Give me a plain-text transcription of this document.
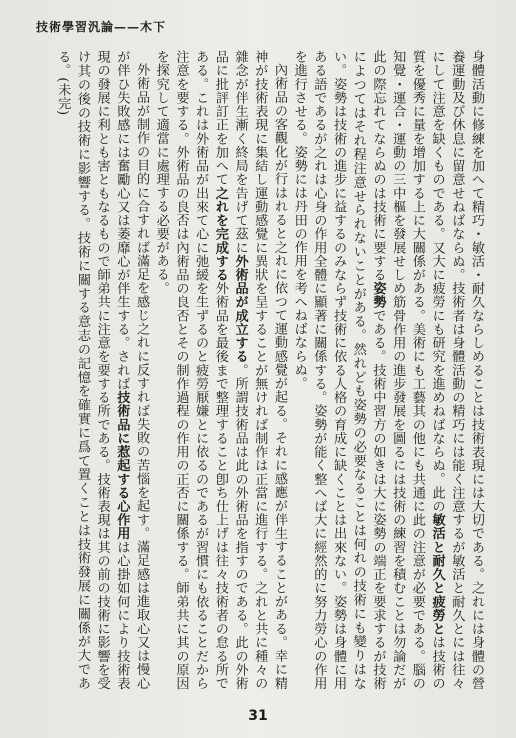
技術學習汎論——木下

身體活動に修練を加へて精巧・敏活・耐久ならしめることは技術表現には大切である。之れには身體の營養運動及び休息に留意せねばならぬ。技術者は身體活動の精巧には能く注意するが敏活と耐久とには往々にして注意を缺くものである。又大に疲勞にも研究を進めねばならぬ。此の敏活と耐久と疲勞とは技術の質を優秀に量を增加する上に大關係がある。美術にも工藝其の他にも共通に此の注意が必要である。腦の知覺・運合・運動の三中樞を發展せしめ筋骨作用の進步發展を圖るには技術の練習を積むことは勿論だが此の際忘れてならぬのは技術に要する姿勢である。技術中習方の如きは大に姿勢の端正を要求するが技術によつてはそれ程注意せられないことがある。然れども姿勢の必要なることは何れの技術にも變りはない。姿勢は技術の進步に益するのみならず技術に依る人格の育成に缺くことは出來ない。姿勢は身體に用ある語であるが之れは心身の作用全體に顯著に關係する。姿勢が能く整へば大に經然的に努力勞心の作用を進行させる。姿勢には丹田の作用を考へねばならぬ。

內術品の客觀化が行はれると之れに依つて運動感覺が起る。それに感應が伴生することがある。幸に精神が技術表現に集結し運動感覺に異狀を呈することが無ければ制作は正當に進行する。之れと共に種々の雜念が伴生漸く終局を告げて茲に外術品が成立する。所謂技術品は此の外術品を指すのである。此の外術品に批評訂正を加へて之れを完成する外術品を最後まで整理すること卽ち仕上げは往々技術者の怠る所である。これは外術品が出來て心に弛緩を生ずるのと疲勞厭嫌とに依るのであるが習慣にも依ることだから注意を要する。外術品の良否は內術品の良否とその制作過程の作用の正否に關係する。師弟共に其の原因を探究して適當に處理する必要がある。

外術品が制作の目的に合すれば滿足を感じ之れに反すれば失敗の苦惱を起す。滿足感は進取心又は慢心が伴ひ失敗感には奮勵心又は萎靡心が伴生する。されば技術品に惹起する心作用は心掛如何により技術表現の發展に利とも害ともなるもので師弟共に注意を要する所である。技術表現は其の前の技術に影響を受け其の後の技術に影響する。技術に關する意志の記憶を確實に爲て置くことは技術發展に關係が大である。(未完)

31
